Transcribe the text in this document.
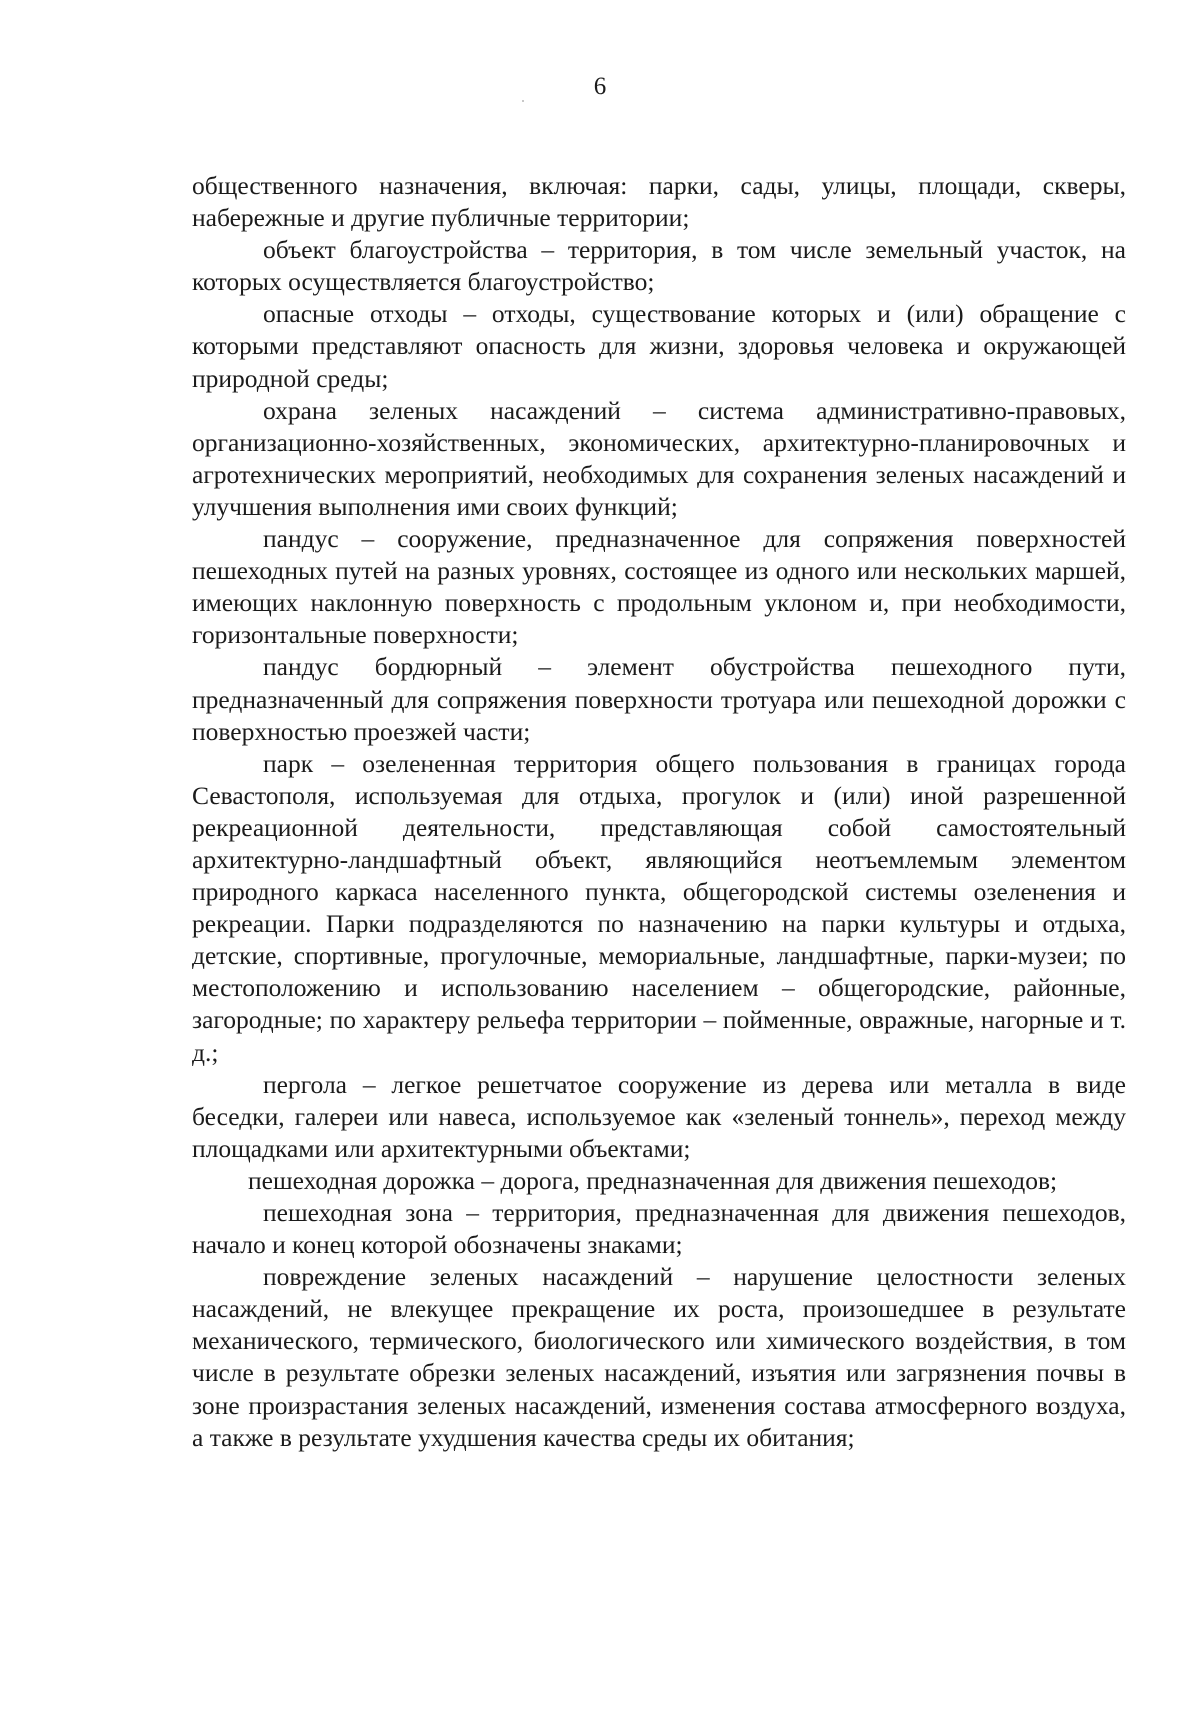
6

общественного назначения, включая: парки, сады, улицы, площади, скверы, набережные и другие публичные территории;

объект благоустройства – территория, в том числе земельный участок, на которых осуществляется благоустройство;

опасные отходы – отходы, существование которых и (или) обращение с которыми представляют опасность для жизни, здоровья человека и окружающей природной среды;

охрана зеленых насаждений – система административно-правовых, организационно-хозяйственных, экономических, архитектурно-планировочных и агротехнических мероприятий, необходимых для сохранения зеленых насаждений и улучшения выполнения ими своих функций;

пандус – сооружение, предназначенное для сопряжения поверхностей пешеходных путей на разных уровнях, состоящее из одного или нескольких маршей, имеющих наклонную поверхность с продольным уклоном и, при необходимости, горизонтальные поверхности;

пандус бордюрный – элемент обустройства пешеходного пути, предназначенный для сопряжения поверхности тротуара или пешеходной дорожки с поверхностью проезжей части;

парк – озелененная территория общего пользования в границах города Севастополя, используемая для отдыха, прогулок и (или) иной разрешенной рекреационной деятельности, представляющая собой самостоятельный архитектурно-ландшафтный объект, являющийся неотъемлемым элементом природного каркаса населенного пункта, общегородской системы озеленения и рекреации. Парки подразделяются по назначению на парки культуры и отдыха, детские, спортивные, прогулочные, мемориальные, ландшафтные, парки-музеи; по местоположению и использованию населением – общегородские, районные, загородные; по характеру рельефа территории – пойменные, овражные, нагорные и т. д.;

пергола – легкое решетчатое сооружение из дерева или металла в виде беседки, галереи или навеса, используемое как «зеленый тоннель», переход между площадками или архитектурными объектами;

пешеходная дорожка – дорога, предназначенная для движения пешеходов;

пешеходная зона – территория, предназначенная для движения пешеходов, начало и конец которой обозначены знаками;

повреждение зеленых насаждений – нарушение целостности зеленых насаждений, не влекущее прекращение их роста, произошедшее в результате механического, термического, биологического или химического воздействия, в том числе в результате обрезки зеленых насаждений, изъятия или загрязнения почвы в зоне произрастания зеленых насаждений, изменения состава атмосферного воздуха, а также в результате ухудшения качества среды их обитания;
